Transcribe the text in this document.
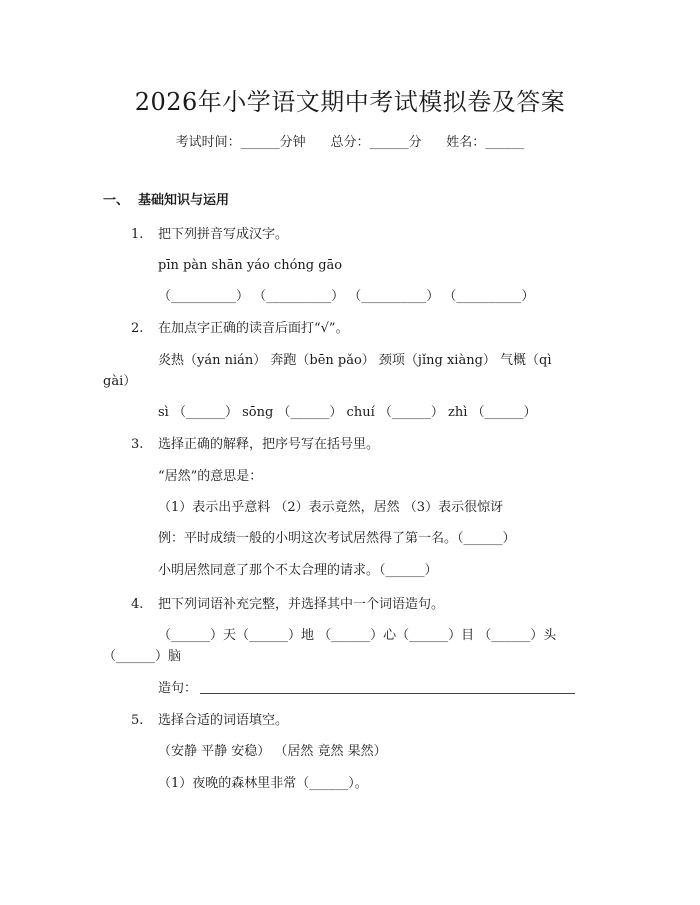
2026年小学语文期中考试模拟卷及答案
考试时间：______分钟 总分：______分 姓名：______
一、  基础知识与运用
1. 把下列拼音写成汉字。
pīn pàn shān yáo chóng gāo
（__________） （__________） （__________） （__________）
2. 在加点字正确的读音后面打“√”。
炎热（yán nián） 奔跑（bēn pǎo） 颈项（jǐng xiàng） 气概（qì
gài）
sì （______） sōng （______） chuí （______） zhì （______）
3. 选择正确的解释，把序号写在括号里。
“居然”的意思是：
（1）表示出乎意料 （2）表示竟然，居然 （3）表示很惊讶
例：平时成绩一般的小明这次考试居然得了第一名。（______）
小明居然同意了那个不太合理的请求。（______）
4. 把下列词语补充完整，并选择其中一个词语造句。
（______）天（______）地 （______）心（______）目 （______）头
（______）脑
造句：
5. 选择合适的词语填空。
（安静 平静 安稳） （居然 竟然 果然）
（1）夜晚的森林里非常（______）。
